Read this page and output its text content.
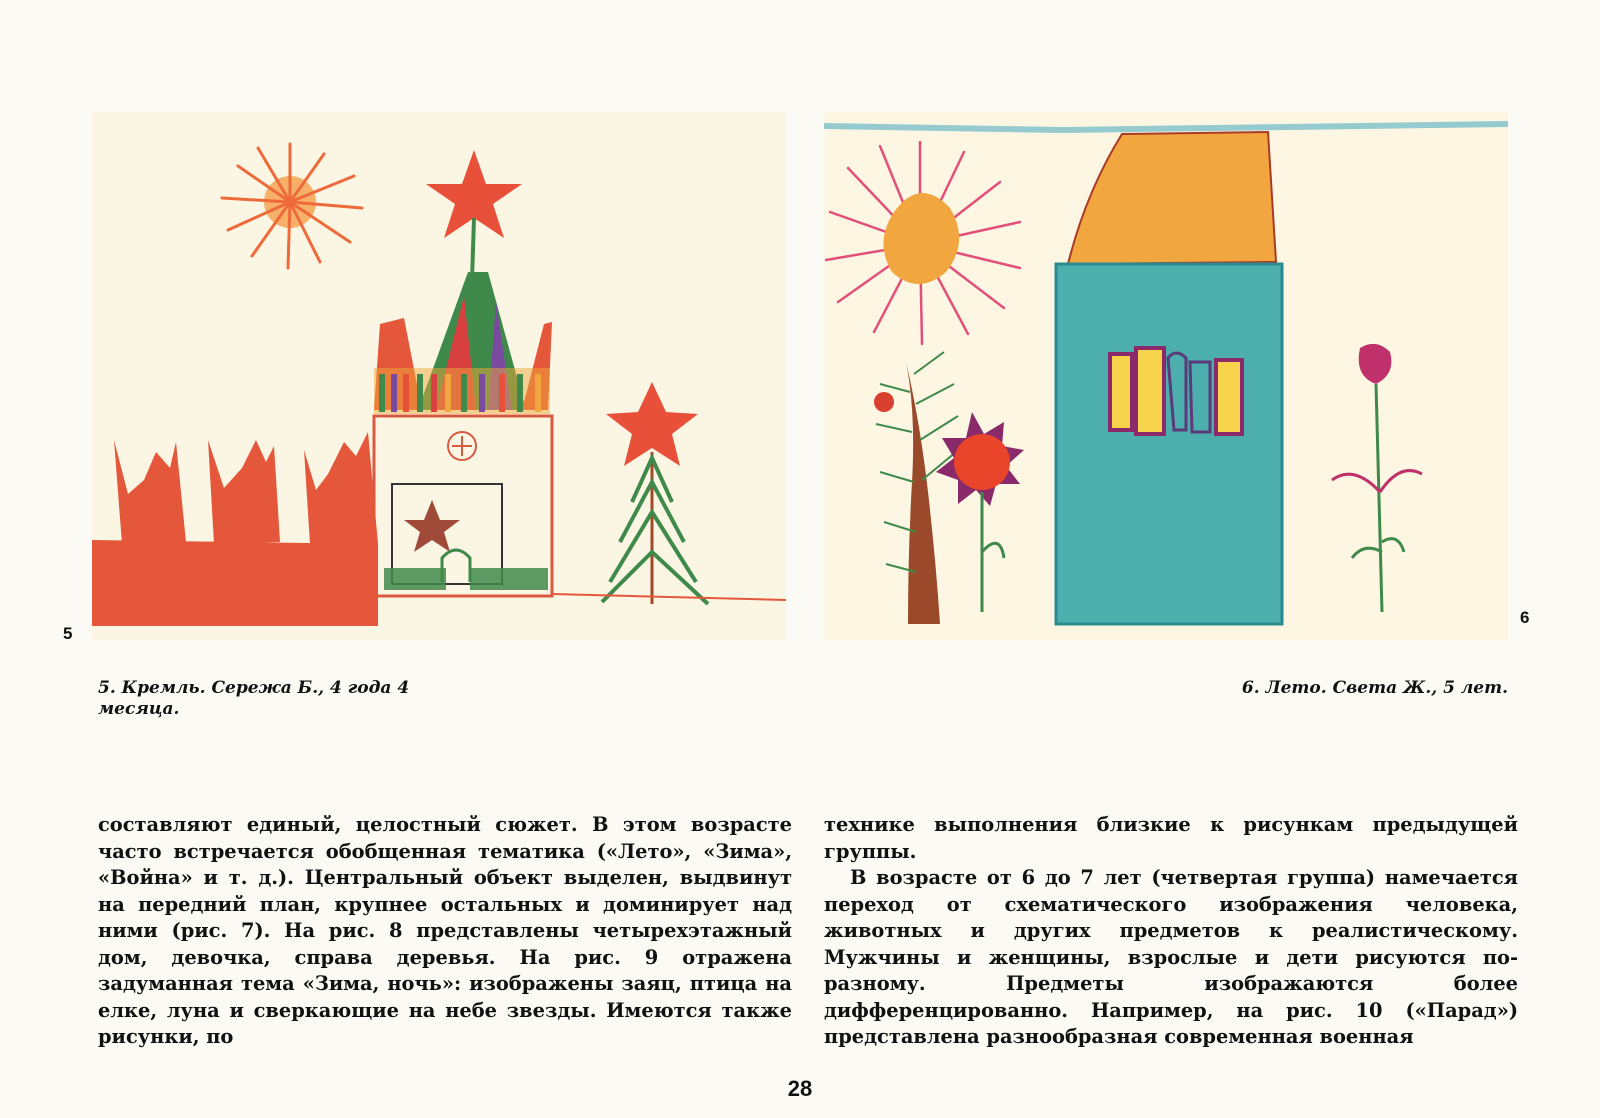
5
6
5. Кремль. Сережа Б., 4 года 4 месяца.
6. Лето. Света Ж., 5 лет.

составляют единый, целостный сюжет. В этом возрасте часто встречается обобщенная тематика («Лето», «Зима», «Война» и т. д.). Центральный объект выделен, выдвинут на передний план, крупнее остальных и доминирует над ними (рис. 7). На рис. 8 представлены четырехэтажный дом, девочка, справа деревья. На рис. 9 отражена задуманная тема «Зима, ночь»: изображены заяц, птица на елке, луна и сверкающие на небе звезды. Имеются также рисунки, по

технике выполнения близкие к рисункам предыдущей группы.

В возрасте от 6 до 7 лет (четвертая группа) намечается переход от схематического изображения человека, животных и других предметов к реалистическому. Мужчины и женщины, взрослые и дети рисуются по-разному. Предметы изображаются более дифференцированно. Например, на рис. 10 («Парад») представлена разнообразная современная военная

28
